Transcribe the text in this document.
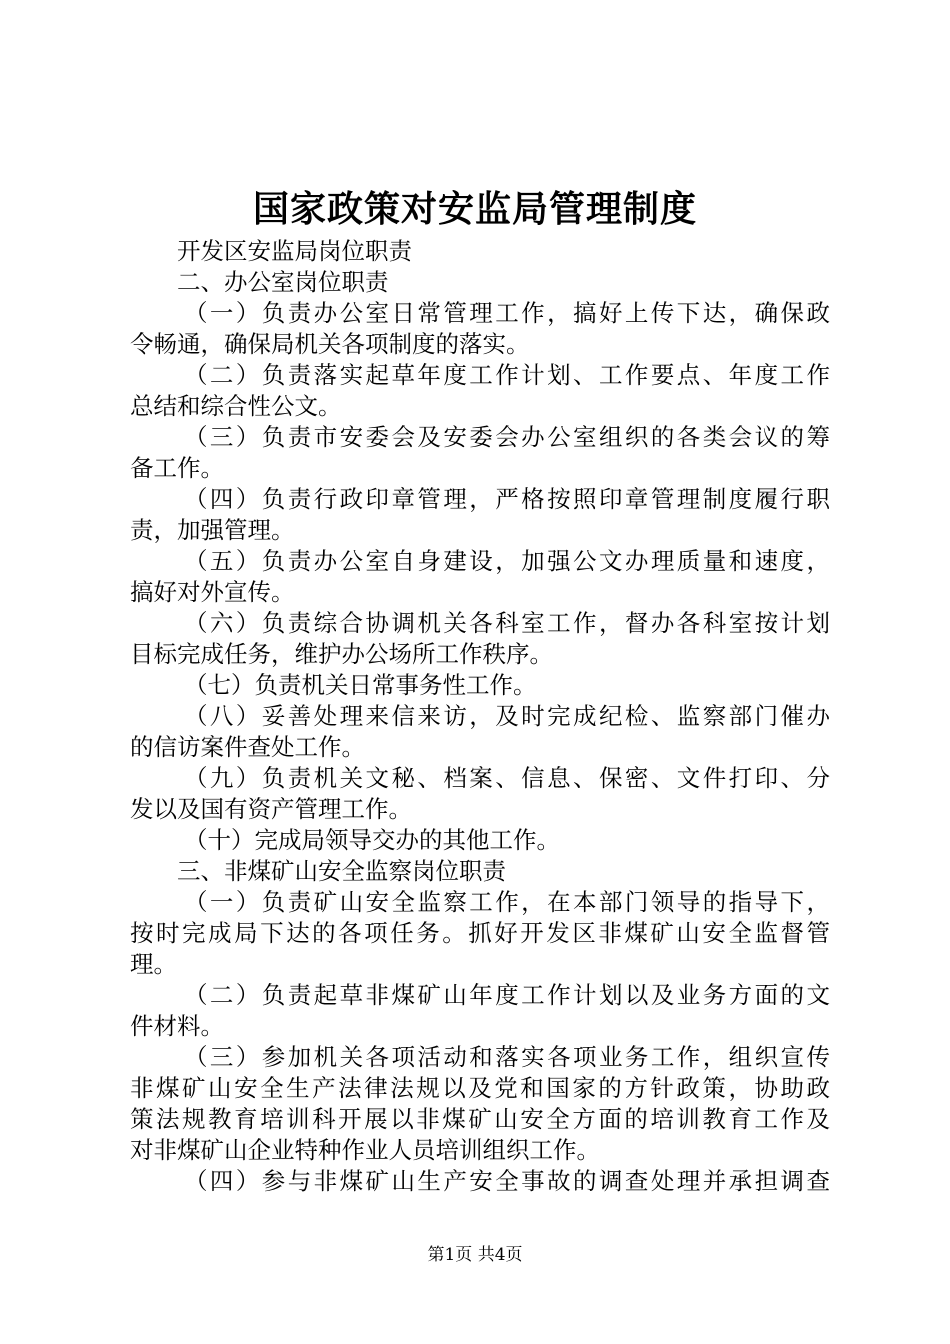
国家政策对安监局管理制度
开发区安监局岗位职责
二、办公室岗位职责
（一）负责办公室日常管理工作，搞好上传下达，确保政
令畅通，确保局机关各项制度的落实。
（二）负责落实起草年度工作计划、工作要点、年度工作
总结和综合性公文。
（三）负责市安委会及安委会办公室组织的各类会议的筹
备工作。
（四）负责行政印章管理，严格按照印章管理制度履行职
责，加强管理。
（五）负责办公室自身建设，加强公文办理质量和速度，
搞好对外宣传。
（六）负责综合协调机关各科室工作，督办各科室按计划
目标完成任务，维护办公场所工作秩序。
（七）负责机关日常事务性工作。
（八）妥善处理来信来访，及时完成纪检、监察部门催办
的信访案件查处工作。
（九）负责机关文秘、档案、信息、保密、文件打印、分
发以及国有资产管理工作。
（十）完成局领导交办的其他工作。
三、非煤矿山安全监察岗位职责
（一）负责矿山安全监察工作，在本部门领导的指导下，
按时完成局下达的各项任务。抓好开发区非煤矿山安全监督管
理。
（二）负责起草非煤矿山年度工作计划以及业务方面的文
件材料。
（三）参加机关各项活动和落实各项业务工作，组织宣传
非煤矿山安全生产法律法规以及党和国家的方针政策，协助政
策法规教育培训科开展以非煤矿山安全方面的培训教育工作及
对非煤矿山企业特种作业人员培训组织工作。
（四）参与非煤矿山生产安全事故的调查处理并承担调查
第1页 共4页
